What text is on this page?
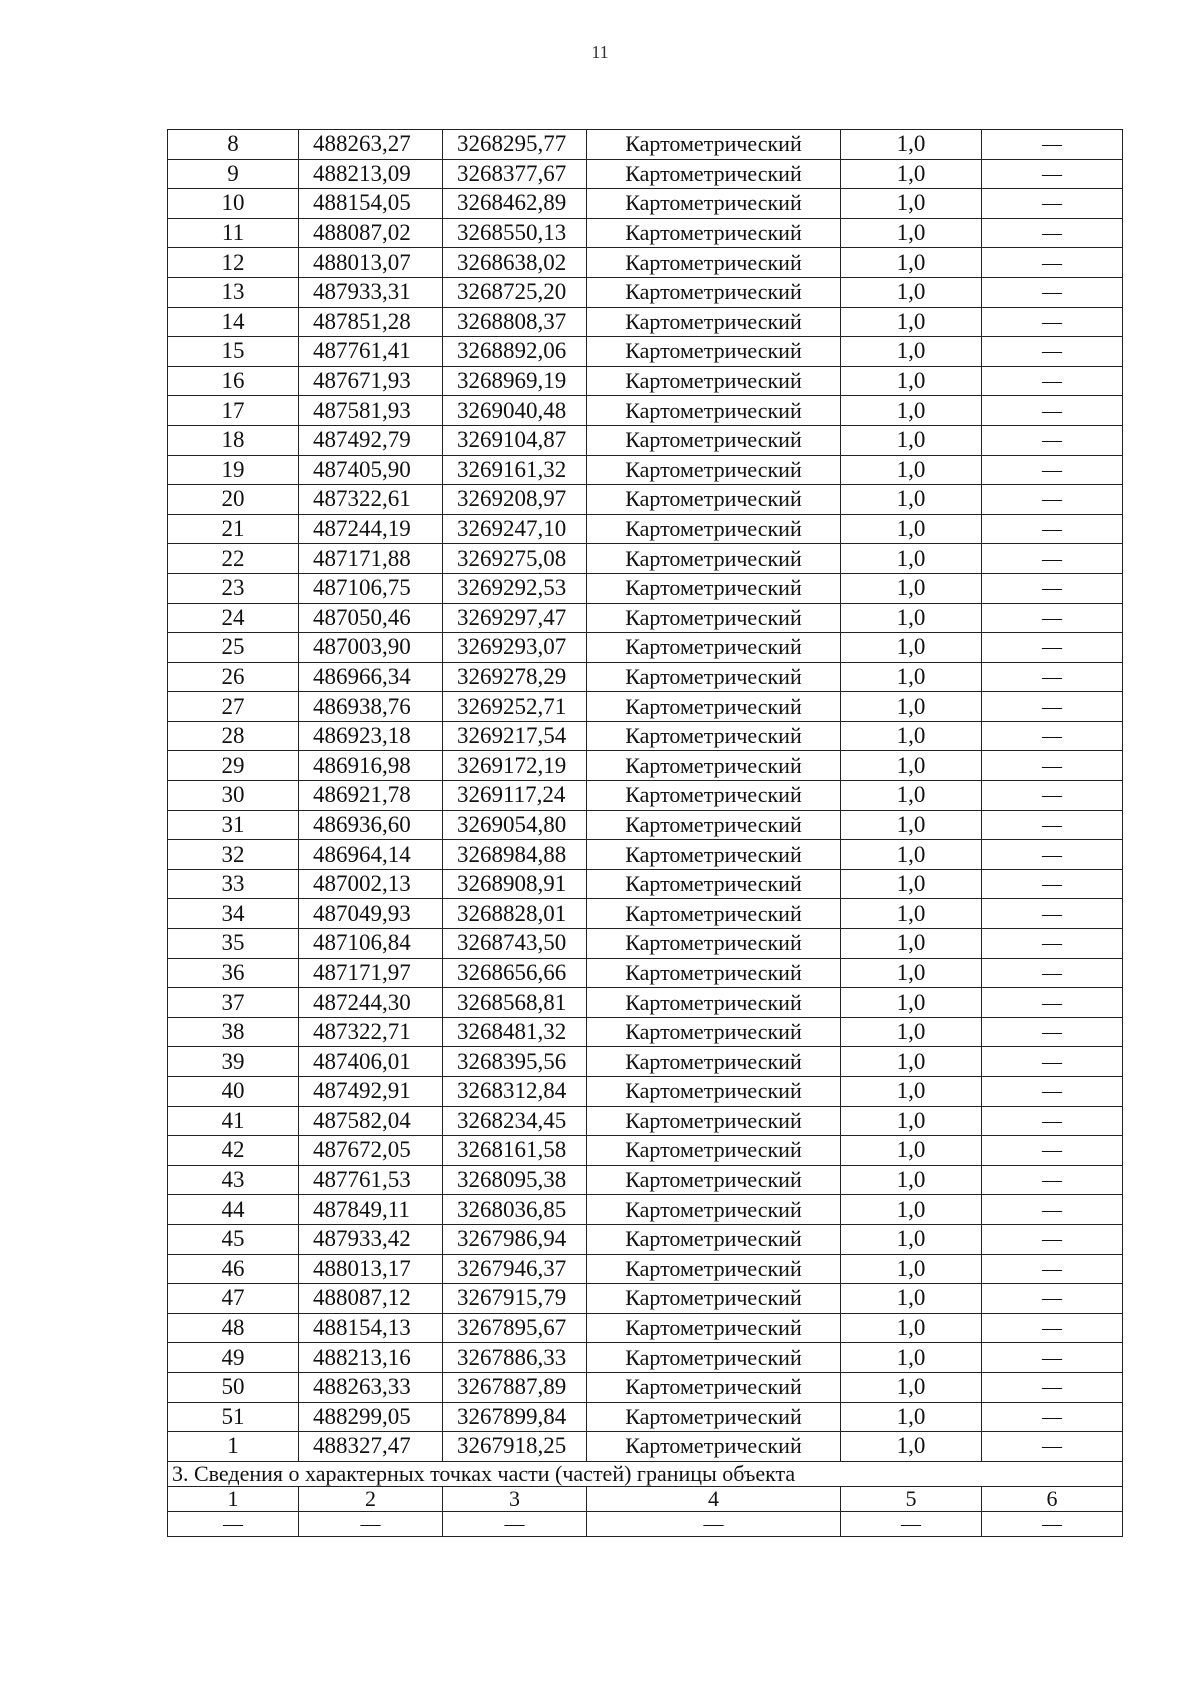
11
8	488263,27	3268295,77	Картометрический	1,0	—
9	488213,09	3268377,67	Картометрический	1,0	—
10	488154,05	3268462,89	Картометрический	1,0	—
11	488087,02	3268550,13	Картометрический	1,0	—
12	488013,07	3268638,02	Картометрический	1,0	—
13	487933,31	3268725,20	Картометрический	1,0	—
14	487851,28	3268808,37	Картометрический	1,0	—
15	487761,41	3268892,06	Картометрический	1,0	—
16	487671,93	3268969,19	Картометрический	1,0	—
17	487581,93	3269040,48	Картометрический	1,0	—
18	487492,79	3269104,87	Картометрический	1,0	—
19	487405,90	3269161,32	Картометрический	1,0	—
20	487322,61	3269208,97	Картометрический	1,0	—
21	487244,19	3269247,10	Картометрический	1,0	—
22	487171,88	3269275,08	Картометрический	1,0	—
23	487106,75	3269292,53	Картометрический	1,0	—
24	487050,46	3269297,47	Картометрический	1,0	—
25	487003,90	3269293,07	Картометрический	1,0	—
26	486966,34	3269278,29	Картометрический	1,0	—
27	486938,76	3269252,71	Картометрический	1,0	—
28	486923,18	3269217,54	Картометрический	1,0	—
29	486916,98	3269172,19	Картометрический	1,0	—
30	486921,78	3269117,24	Картометрический	1,0	—
31	486936,60	3269054,80	Картометрический	1,0	—
32	486964,14	3268984,88	Картометрический	1,0	—
33	487002,13	3268908,91	Картометрический	1,0	—
34	487049,93	3268828,01	Картометрический	1,0	—
35	487106,84	3268743,50	Картометрический	1,0	—
36	487171,97	3268656,66	Картометрический	1,0	—
37	487244,30	3268568,81	Картометрический	1,0	—
38	487322,71	3268481,32	Картометрический	1,0	—
39	487406,01	3268395,56	Картометрический	1,0	—
40	487492,91	3268312,84	Картометрический	1,0	—
41	487582,04	3268234,45	Картометрический	1,0	—
42	487672,05	3268161,58	Картометрический	1,0	—
43	487761,53	3268095,38	Картометрический	1,0	—
44	487849,11	3268036,85	Картометрический	1,0	—
45	487933,42	3267986,94	Картометрический	1,0	—
46	488013,17	3267946,37	Картометрический	1,0	—
47	488087,12	3267915,79	Картометрический	1,0	—
48	488154,13	3267895,67	Картометрический	1,0	—
49	488213,16	3267886,33	Картометрический	1,0	—
50	488263,33	3267887,89	Картометрический	1,0	—
51	488299,05	3267899,84	Картометрический	1,0	—
1	488327,47	3267918,25	Картометрический	1,0	—
3. Сведения о характерных точках части (частей) границы объекта					
1	2	3	4	5	6
—	—	—	—	—	—
